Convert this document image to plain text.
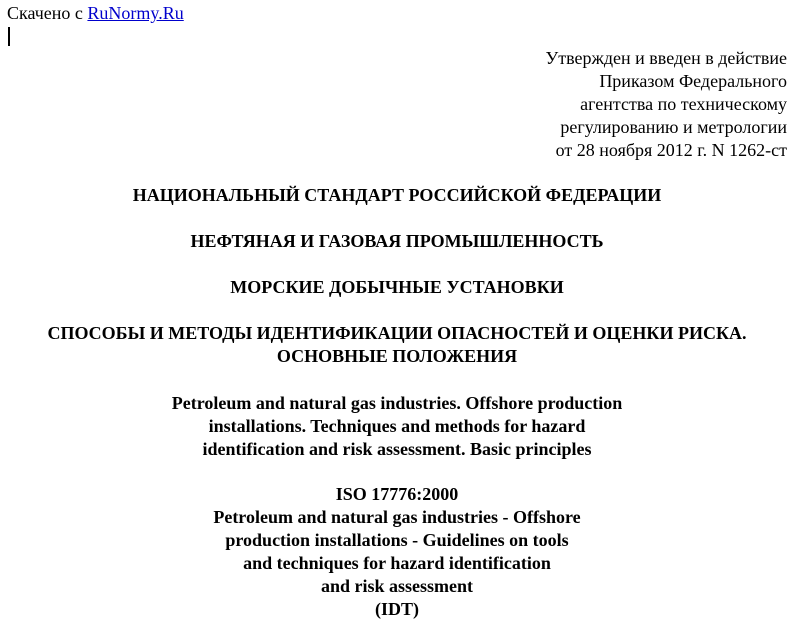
Скачено с RuNormy.Ru
Утвержден и введен в действие
Приказом Федерального
агентства по техническому
регулированию и метрологии
от 28 ноября 2012 г. N 1262-ст
НАЦИОНАЛЬНЫЙ СТАНДАРТ РОССИЙСКОЙ ФЕДЕРАЦИИ
НЕФТЯНАЯ И ГАЗОВАЯ ПРОМЫШЛЕННОСТЬ
МОРСКИЕ ДОБЫЧНЫЕ УСТАНОВКИ
СПОСОБЫ И МЕТОДЫ ИДЕНТИФИКАЦИИ ОПАСНОСТЕЙ И ОЦЕНКИ РИСКА.
ОСНОВНЫЕ ПОЛОЖЕНИЯ
Petroleum and natural gas industries. Offshore production
installations. Techniques and methods for hazard
identification and risk assessment. Basic principles
ISO 17776:2000
Petroleum and natural gas industries - Offshore
production installations - Guidelines on tools
and techniques for hazard identification
and risk assessment
(IDT)
